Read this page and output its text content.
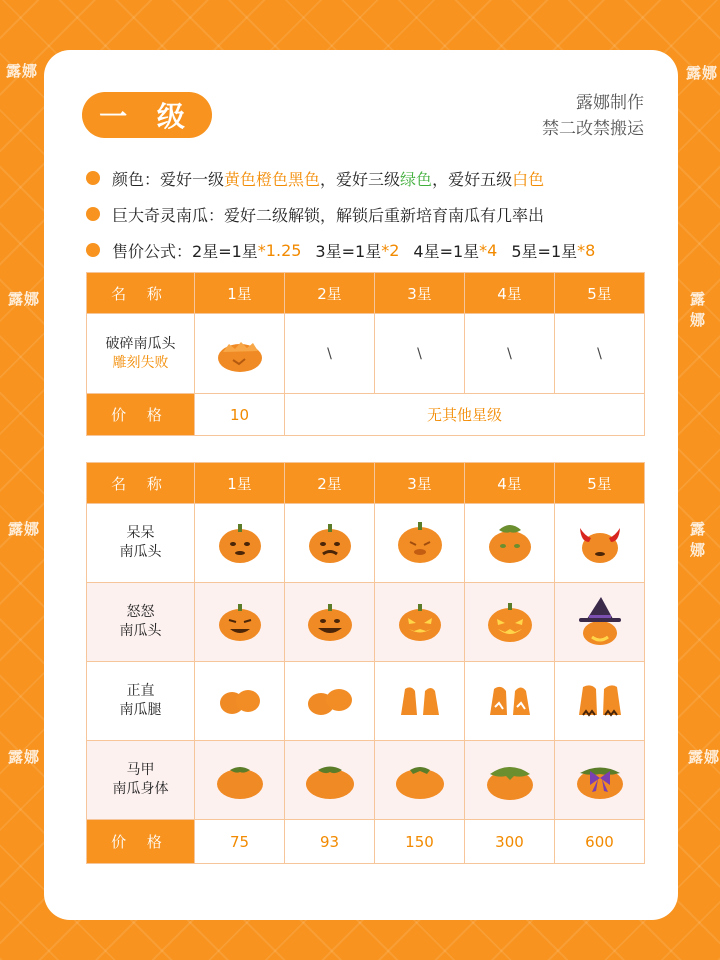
露娜	露娜
露娜	露娜
露娜	露娜
露娜	露娜
一 级	露娜制作
禁二改禁搬运
颜色：爱好一级 黄色橙色黑色 ，爱好三级 绿色 ，爱好五级 白色
巨大奇灵南瓜：爱好二级解锁，解锁后重新培育南瓜有几率出
售价公式： 2星=1星 *1.25 3星=1星 *2 4星=1星 *4 5星=1星 *8
名 称	1星	2星	3星	4星	5星

破碎南瓜头
雕刻失败		\	\	\	\
价 格	10	无其他星级			
名 称	1星	2星	3星	4星	5星

呆呆
南瓜头

怒怒
南瓜头

正直
南瓜腿

马甲
南瓜身体

价 格	75	93	150	300	600
